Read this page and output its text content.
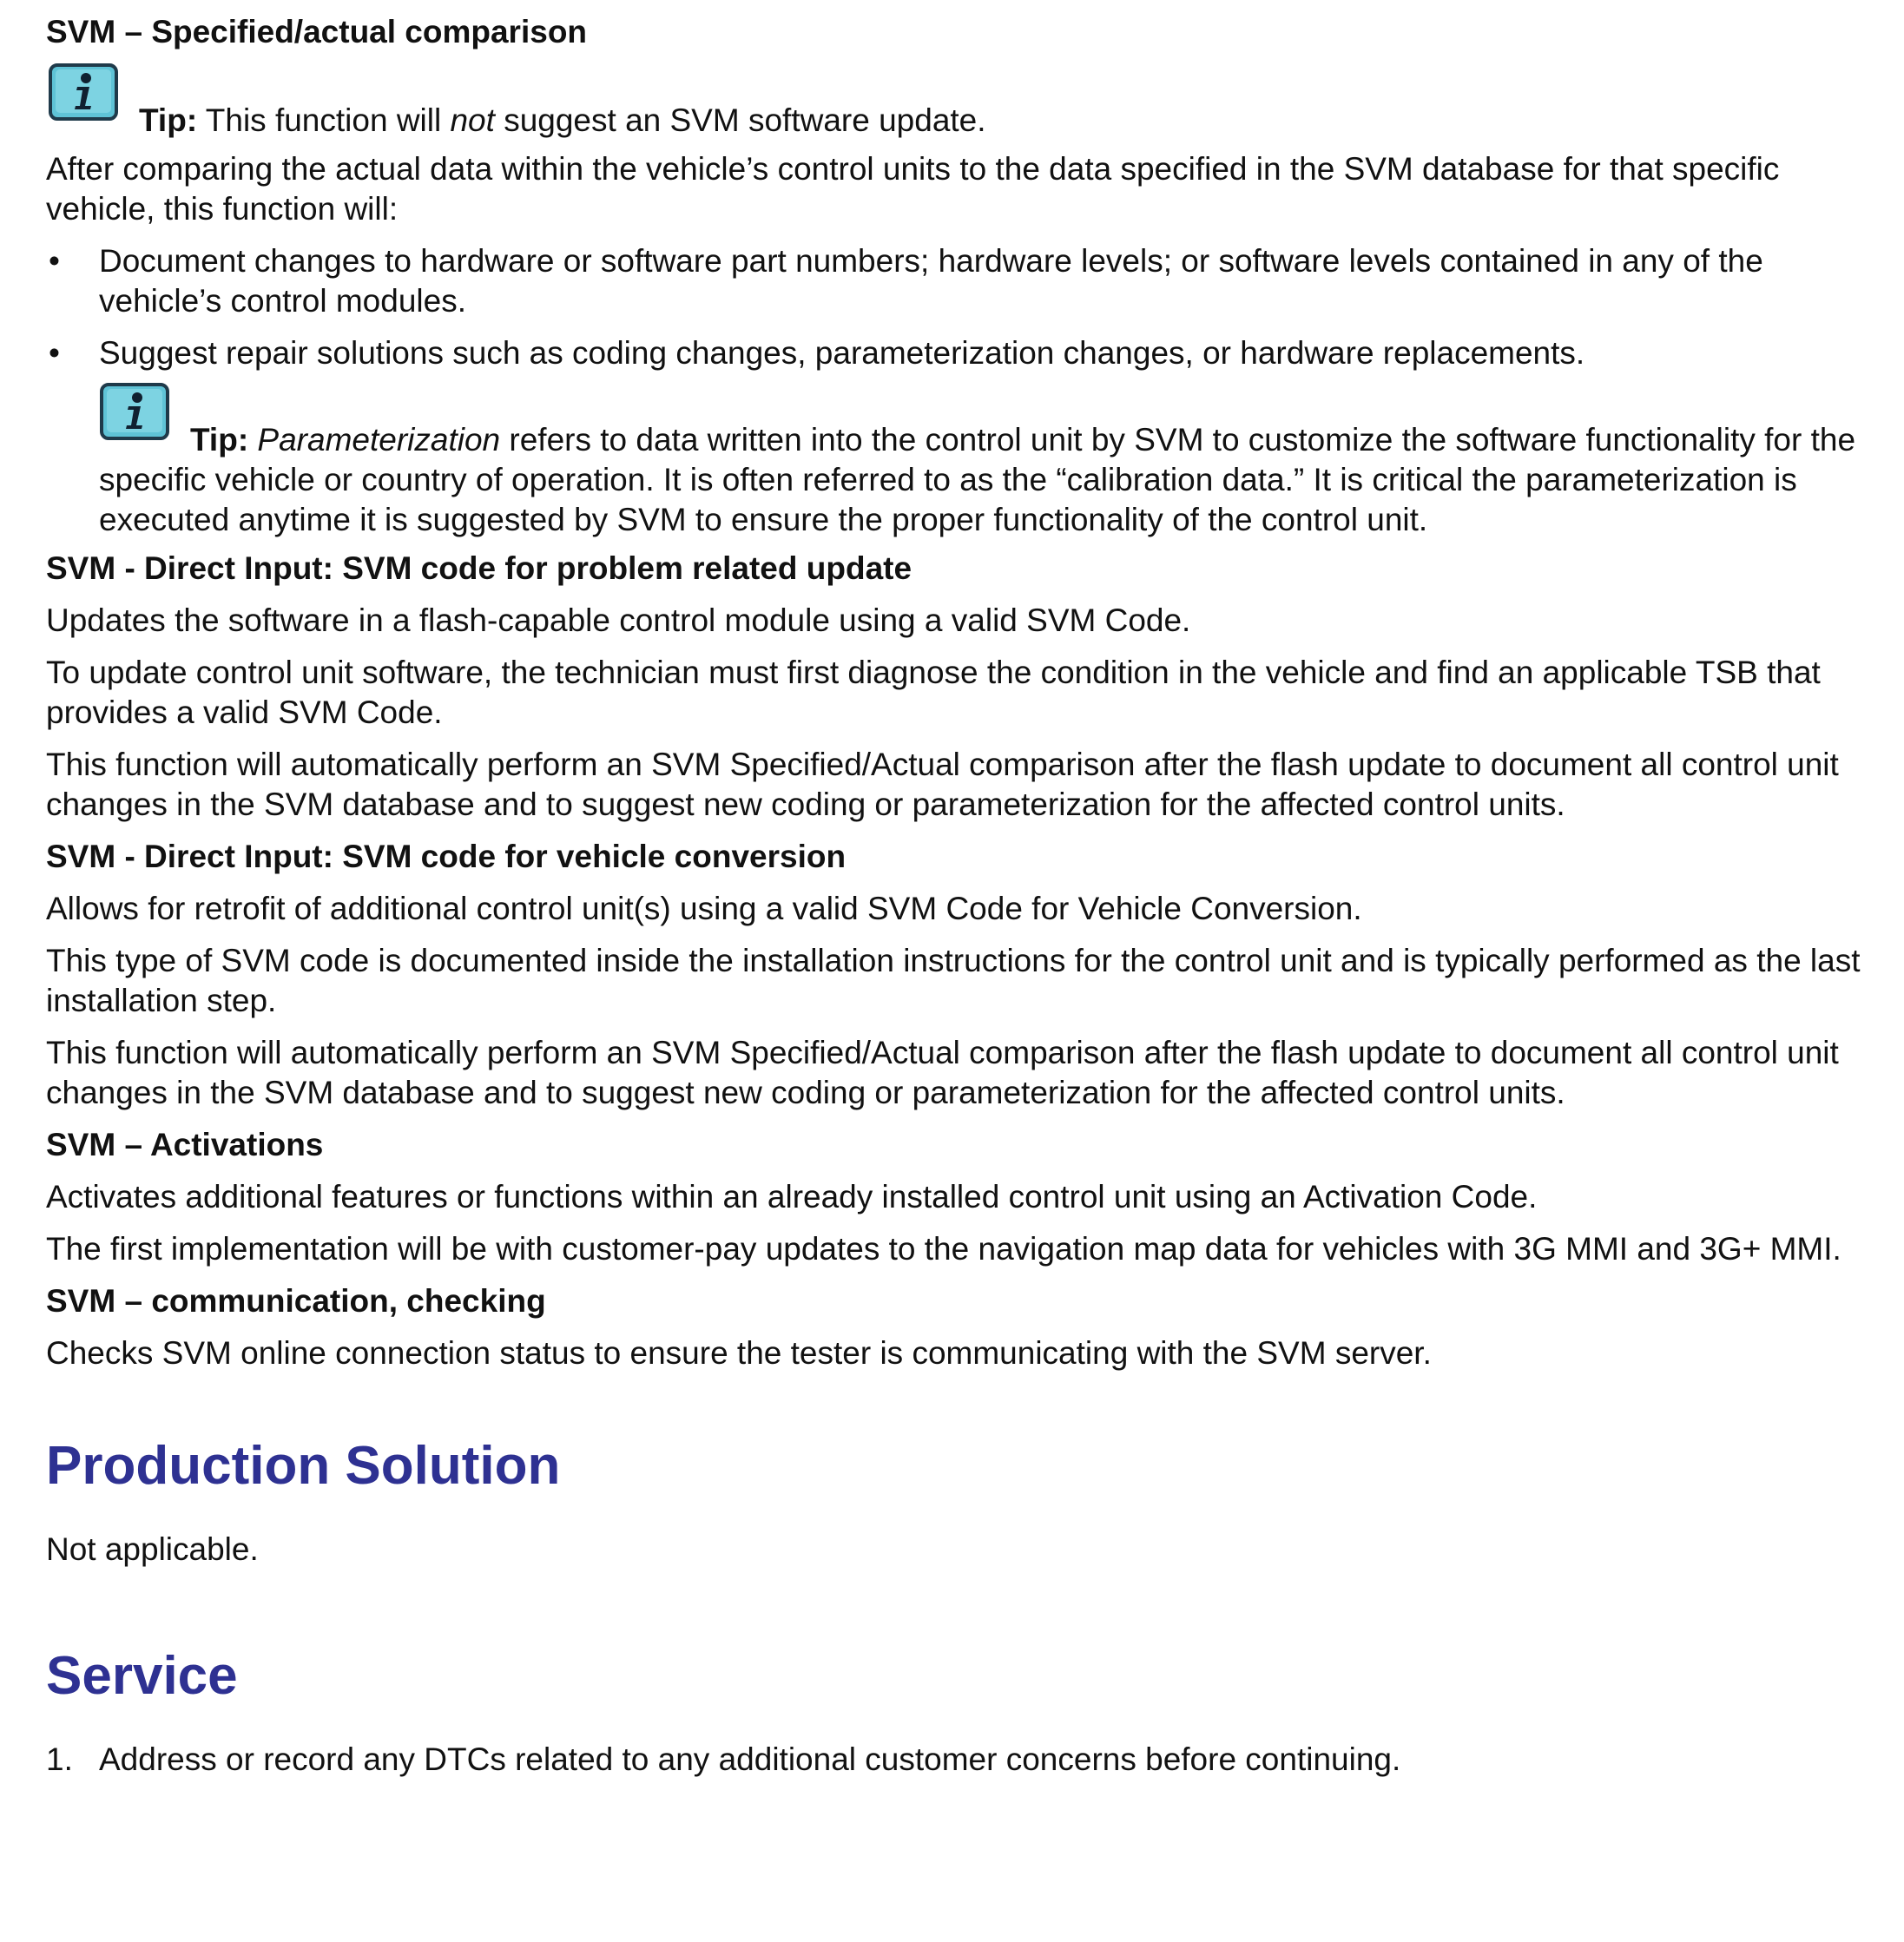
SVM – Specified/actual comparison
Tip: This function will not suggest an SVM software update.

After comparing the actual data within the vehicle’s control units to the data specified in the SVM database for that specific vehicle, this function will:

• Document changes to hardware or software part numbers; hardware levels; or software levels contained in any of the vehicle’s control modules.
• Suggest repair solutions such as coding changes, parameterization changes, or hardware replacements.
Tip: Parameterization refers to data written into the control unit by SVM to customize the software functionality for the specific vehicle or country of operation. It is often referred to as the “calibration data.” It is critical the parameterization is executed anytime it is suggested by SVM to ensure the proper functionality of the control unit.
SVM - Direct Input: SVM code for problem related update

Updates the software in a flash-capable control module using a valid SVM Code.

To update control unit software, the technician must first diagnose the condition in the vehicle and find an applicable TSB that provides a valid SVM Code.

This function will automatically perform an SVM Specified/Actual comparison after the flash update to document all control unit changes in the SVM database and to suggest new coding or parameterization for the affected control units.

SVM - Direct Input: SVM code for vehicle conversion

Allows for retrofit of additional control unit(s) using a valid SVM Code for Vehicle Conversion.

This type of SVM code is documented inside the installation instructions for the control unit and is typically performed as the last installation step.

This function will automatically perform an SVM Specified/Actual comparison after the flash update to document all control unit changes in the SVM database and to suggest new coding or parameterization for the affected control units.

SVM – Activations

Activates additional features or functions within an already installed control unit using an Activation Code.

The first implementation will be with customer-pay updates to the navigation map data for vehicles with 3G MMI and 3G+ MMI.

SVM – communication, checking

Checks SVM online connection status to ensure the tester is communicating with the SVM server.

Production Solution

Not applicable.

Service
1. Address or record any DTCs related to any additional customer concerns before continuing.
